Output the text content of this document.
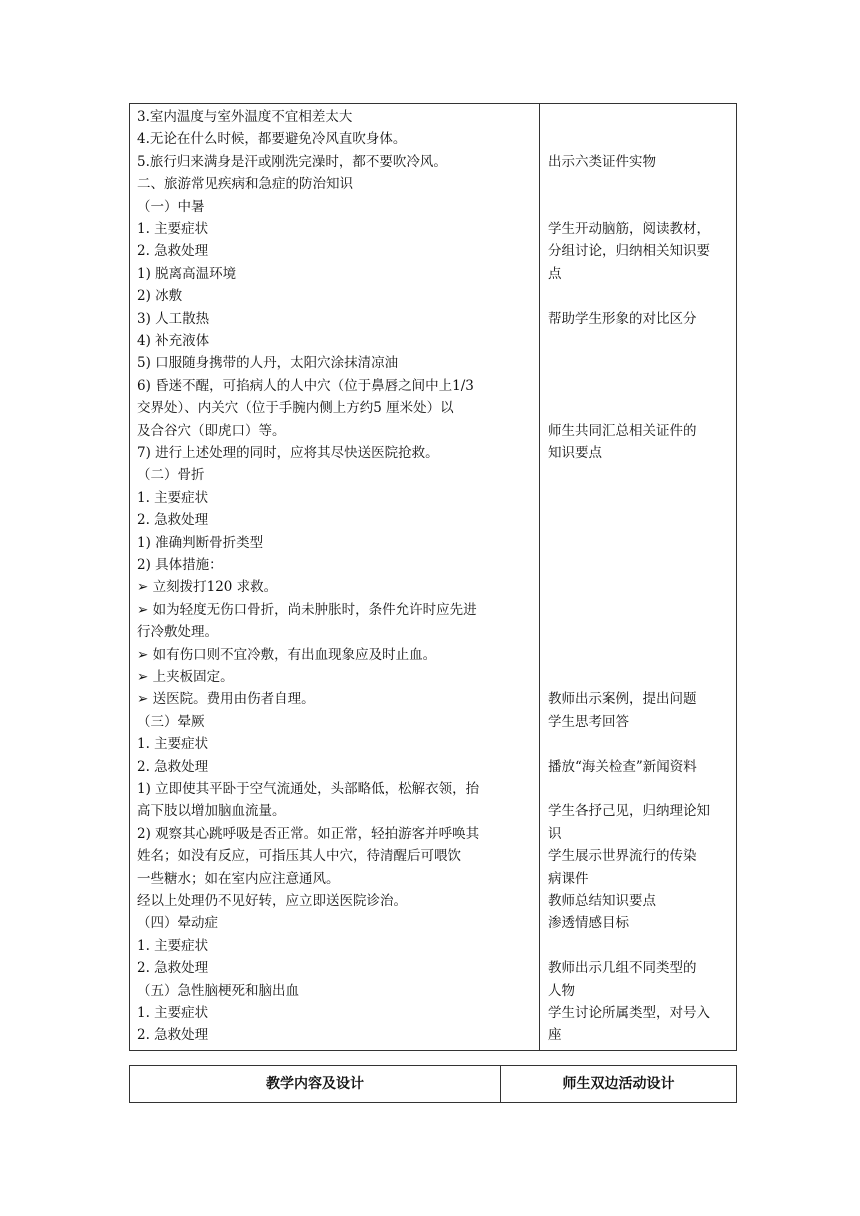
3.室内温度与室外温度不宜相差太大
4.无论在什么时候，都要避免冷风直吹身体。
5.旅行归来满身是汗或刚洗完澡时，都不要吹冷风。
二、旅游常见疾病和急症的防治知识
（一）中暑
1. 主要症状
2. 急救处理
1) 脱离高温环境
2) 冰敷
3) 人工散热
4) 补充液体
5) 口服随身携带的人丹，太阳穴涂抹清凉油
6) 昏迷不醒，可掐病人的人中穴（位于鼻唇之间中上1/3
交界处）、内关穴（位于手腕内侧上方约5 厘米处）以
及合谷穴（即虎口）等。
7) 进行上述处理的同时，应将其尽快送医院抢救。
（二）骨折
1. 主要症状
2. 急救处理
1) 准确判断骨折类型
2) 具体措施：
➢ 立刻拨打120 求救。
➢ 如为轻度无伤口骨折，尚未肿胀时，条件允许时应先进
行冷敷处理。
➢ 如有伤口则不宜冷敷，有出血现象应及时止血。
➢ 上夹板固定。
➢ 送医院。费用由伤者自理。
（三）晕厥
1. 主要症状
2. 急救处理
1) 立即使其平卧于空气流通处，头部略低，松解衣领，抬
高下肢以增加脑血流量。
2) 观察其心跳呼吸是否正常。如正常，轻拍游客并呼唤其
姓名；如没有反应，可指压其人中穴，待清醒后可喂饮
一些糖水；如在室内应注意通风。
经以上处理仍不见好转，应立即送医院诊治。
（四）晕动症
1. 主要症状
2. 急救处理
（五）急性脑梗死和脑出血
1. 主要症状
2. 急救处理
出示六类证件实物
学生开动脑筋，阅读教材，
分组讨论，归纳相关知识要
点
帮助学生形象的对比区分
师生共同汇总相关证件的
知识要点
教师出示案例，提出问题
学生思考回答
播放“海关检查”新闻资料
学生各抒己见，归纳理论知
识
学生展示世界流行的传染
病课件
教师总结知识要点
渗透情感目标
教师出示几组不同类型的
人物
学生讨论所属类型，对号入
座
教学内容及设计	师生双边活动设计
